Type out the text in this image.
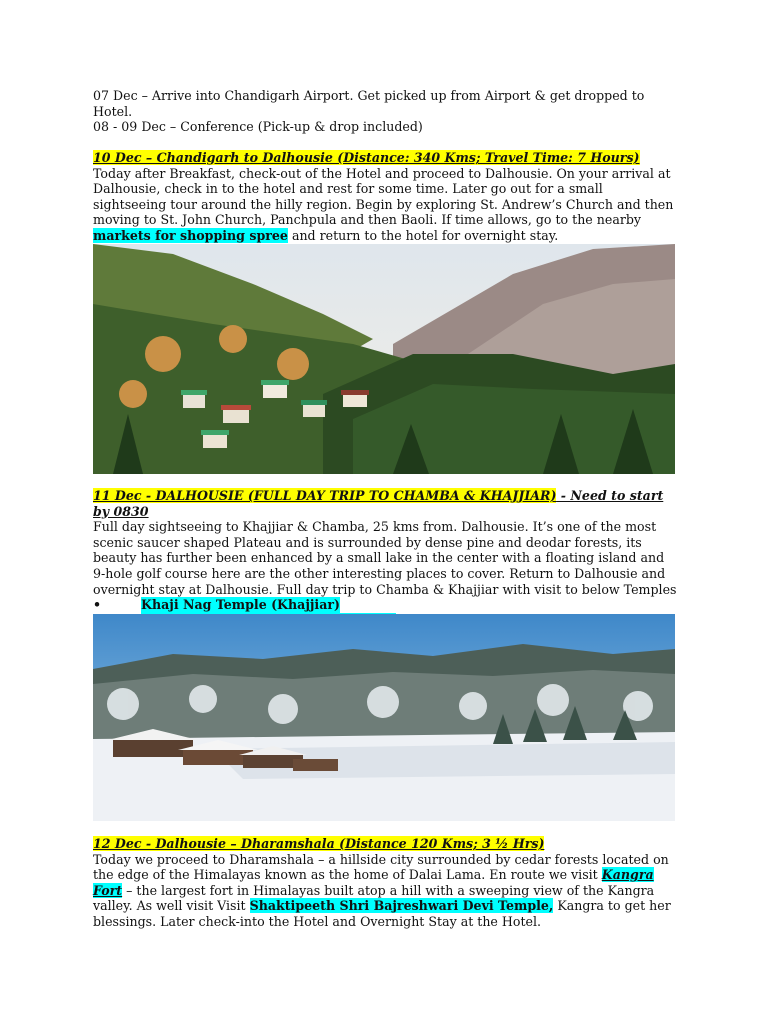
07 Dec – Arrive into Chandigarh Airport. Get picked up from Airport & get dropped to Hotel.

08 - 09 Dec – Conference (Pick-up & drop included)

10 Dec – Chandigarh to Dalhousie (Distance: 340 Kms; Travel Time: 7 Hours)
Today after Breakfast, check-out of the Hotel and proceed to Dalhousie. On your arrival at Dalhousie, check in to the hotel and rest for some time. Later go out for a small sightseeing tour around the hilly region. Begin by exploring St. Andrew’s Church and then moving to St. John Church, Panchpula and then Baoli. If time allows, go to the nearby markets for shopping spree and return to the hotel for overnight stay.
11 Dec - DALHOUSIE (FULL DAY TRIP TO CHAMBA & KHAJJIAR) - Need to start by 0830
Full day sightseeing to Khajjiar & Chamba, 25 kms from. Dalhousie. It’s one of the most scenic saucer shaped Plateau and is surrounded by dense pine and deodar forests, its beauty has further been enhanced by a small lake in the center with a floating island and 9-hole golf course here are the other interesting places to cover. Return to Dalhousie and overnight stay at Dalhousie. Full day trip to Chamba & Khajjiar with visit to below Temples
•	Khaji Nag Temple (Khajjiar)
12 Dec - Dalhousie – Dharamshala (Distance 120 Kms; 3 ½ Hrs)
Today we proceed to Dharamshala – a hillside city surrounded by cedar forests located on the edge of the Himalayas known as the home of Dalai Lama. En route we visit Kangra Fort – the largest fort in Himalayas built atop a hill with a sweeping view of the Kangra valley. As well visit Visit Shaktipeeth Shri Bajreshwari Devi Temple, Kangra to get her blessings. Later check-into the Hotel and Overnight Stay at the Hotel.
